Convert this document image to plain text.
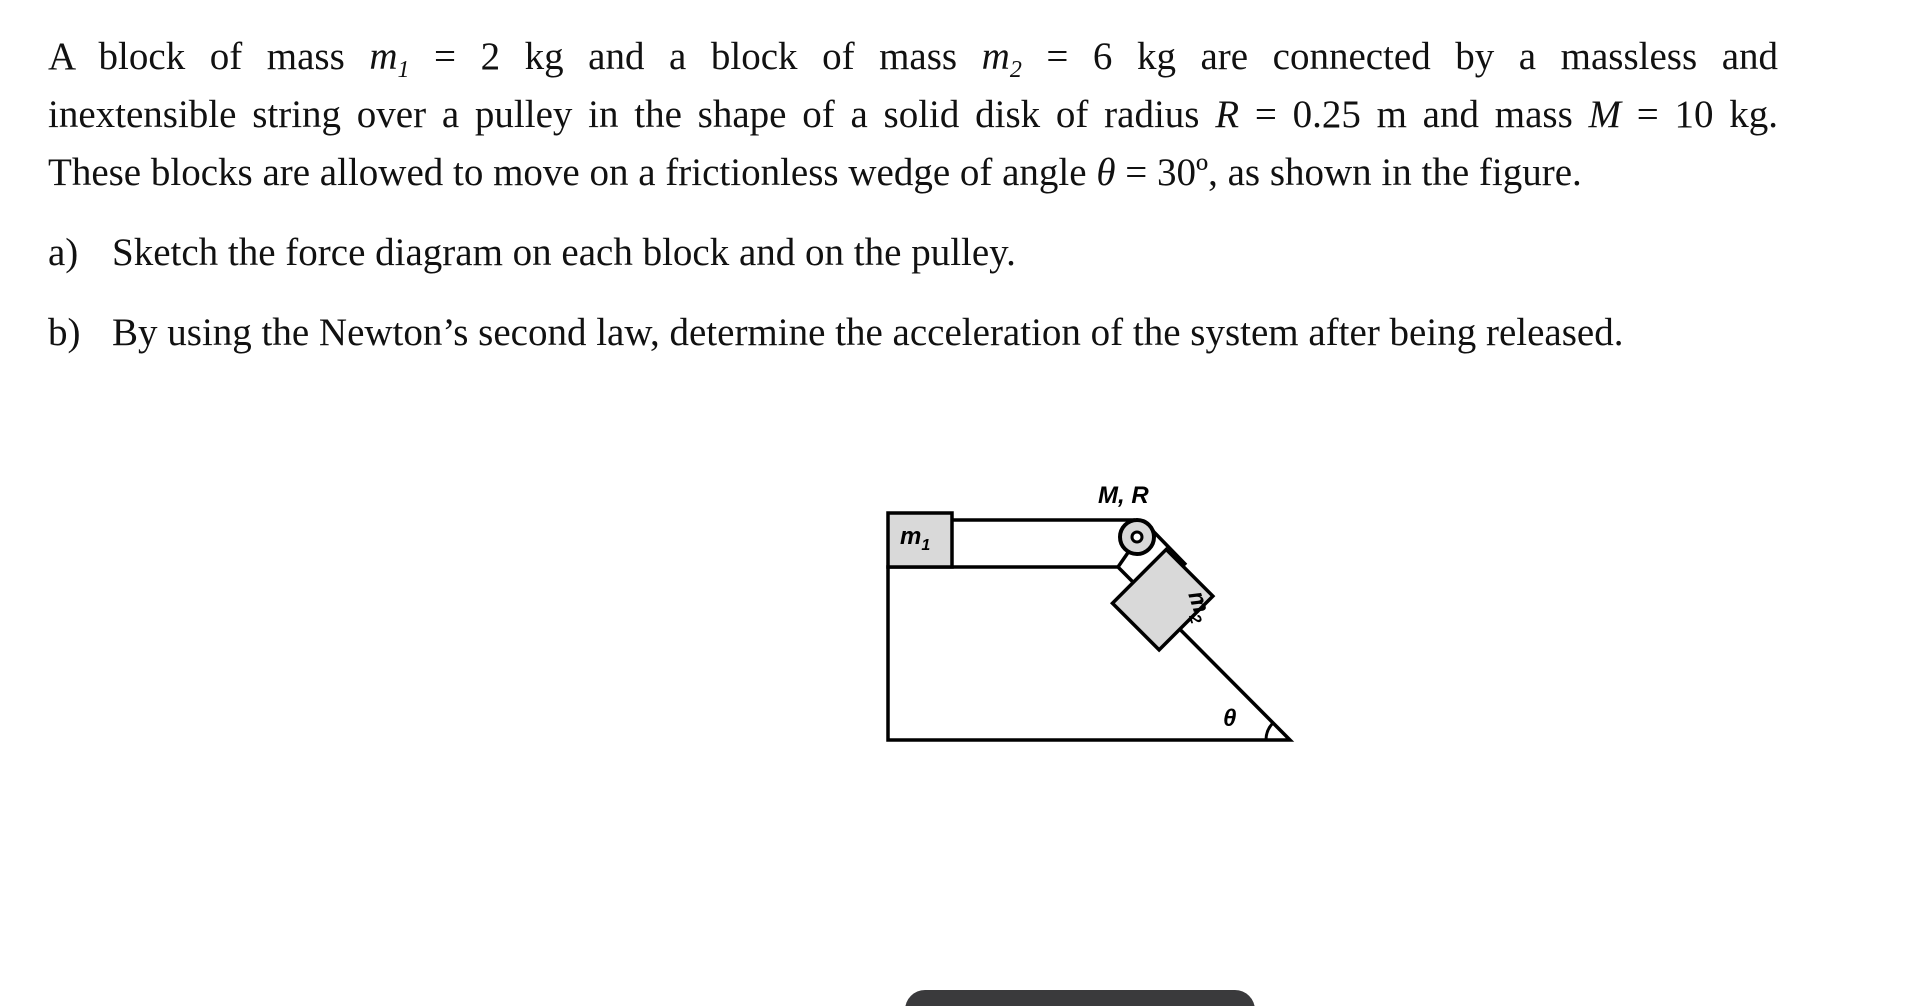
A block of mass $m_1 = 2$ kg and a block of mass $m_2 = 6$ kg are connected by a massless and
inextensible string over a pulley in the shape of a solid disk of radius R = 0.25 m and mass M = 10 kg.
These blocks are allowed to move on a frictionless wedge of angle θ = 30º, as shown in the figure.

a) Sketch the force diagram on each block and on the pulley.
b) By using the Newton’s second law, determine the acceleration of the system after being released.
$m_1$
M, R
$m_2$
θ
